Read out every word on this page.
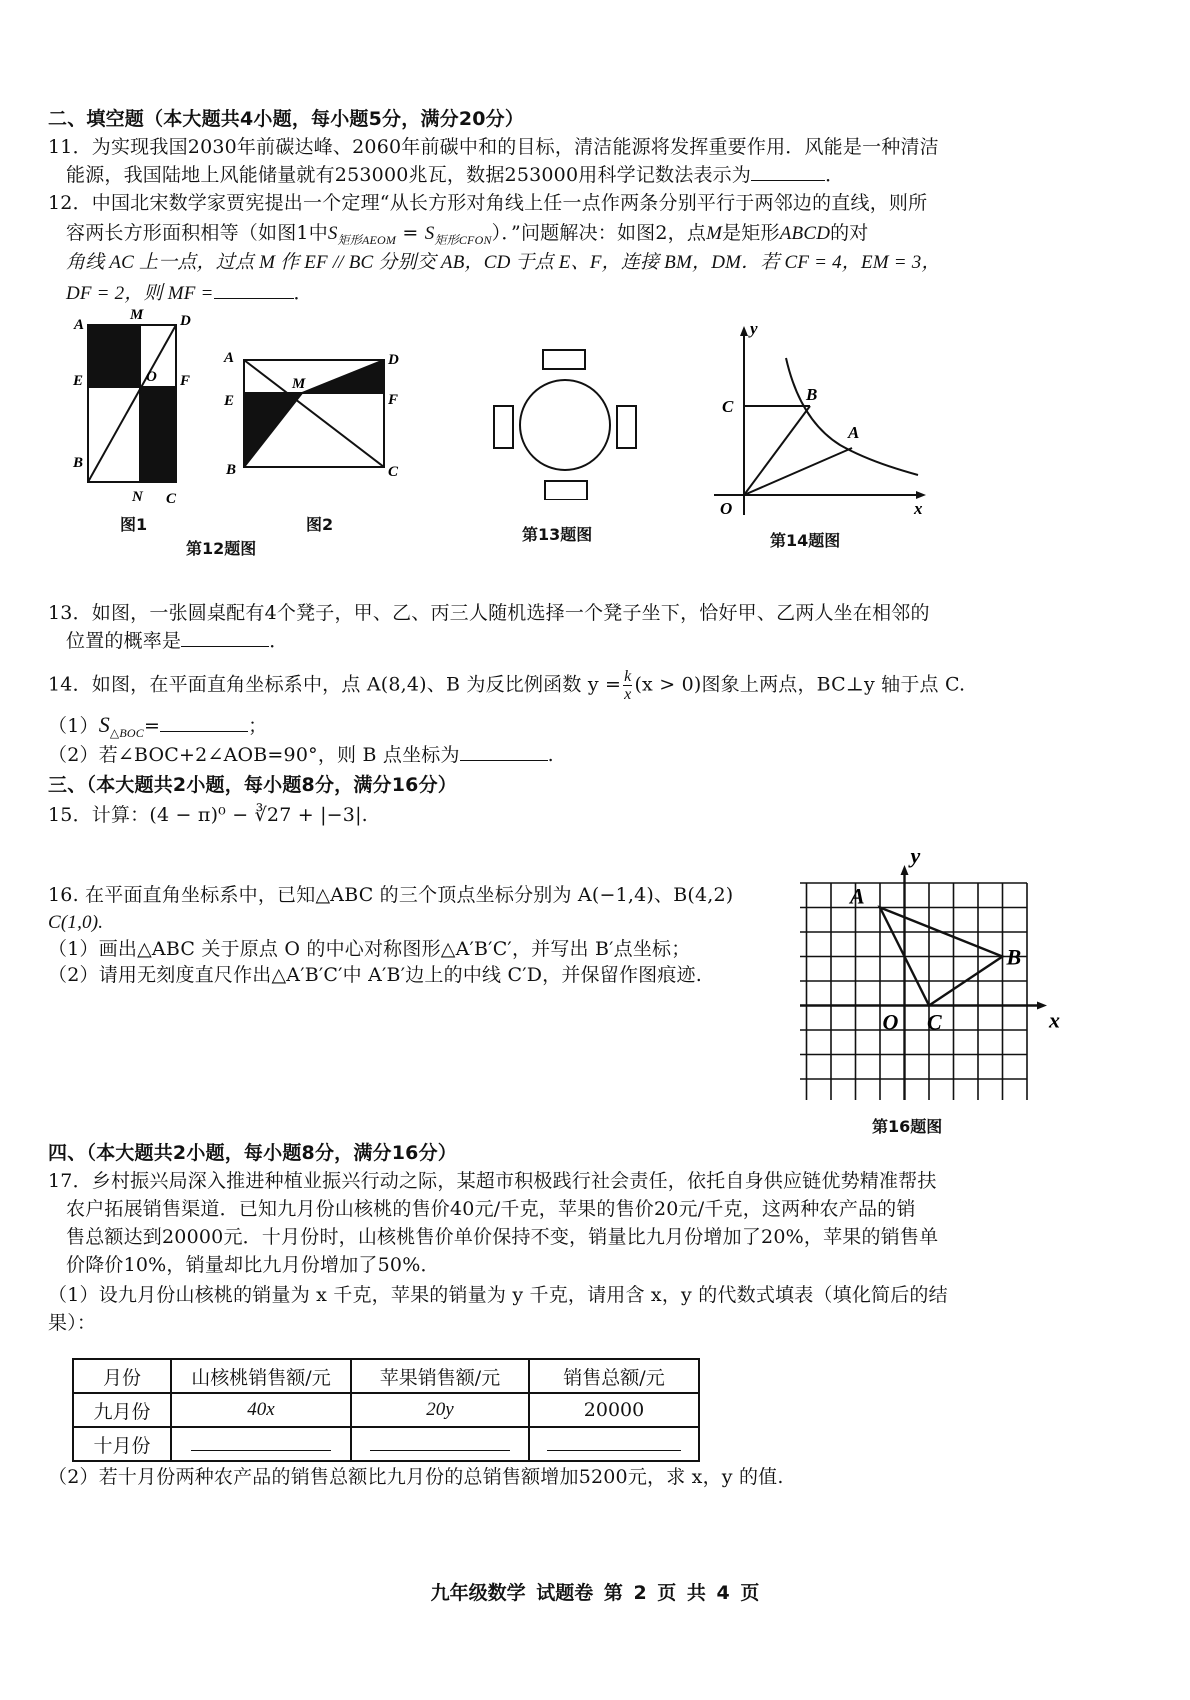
二、填空题（本大题共4小题，每小题5分，满分20分）
11．为实现我国2030年前碳达峰、2060年前碳中和的目标，清洁能源将发挥重要作用．风能是一种清洁
能源，我国陆地上风能储量就有253000兆瓦，数据253000用科学记数法表示为	．
12．中国北宋数学家贾宪提出一个定理“从长方形对角线上任一点作两条分别平行于两邻边的直线，则所
容两长方形面积相等（如图1中$S_{矩形AEOM} = S_{矩形CFON}$）．”问题解决：如图2，点M是矩形ABCD的对
角线 AC 上一点，过点 M 作 EF // BC 分别交 AB，CD 于点 E、F，连接 BM，DM．若 CF = 4，EM = 3，
DF = 2，则 MF =	．
A
M D
E	O F
B
N C
图1
A	D
E
M
F
B	C
图2
第12题图
第13题图
y
C
B
A
O	x
第14题图
13．如图，一张圆桌配有4个凳子，甲、乙、丙三人随机选择一个凳子坐下，恰好甲、乙两人坐在相邻的
位置的概率是	．
14．如图，在平面直角坐标系中，点 A(8,4)、B 为反比例函数 $y = \frac{k}{x} (x > 0)$图象上两点，BC⊥y 轴于点 C.
$(1)S_{\triangle BOC}=$	；
（2）若∠BOC+2∠AOB=90°，则 B 点坐标为	.
三、（本大题共2小题，每小题8分，满分16分）
15．计算：(4 − π)⁰ − ∛27 + |−3|.
16. 在平面直角坐标系中，已知△ABC 的三个顶点坐标分别为 A(−1,4)、B(4,2)
C(1,0).
（1）画出△ABC 关于原点 O 的中心对称图形△A′B′C′，并写出 B′点坐标；
（2）请用无刻度直尺作出△A′B′C′中 A′B′边上的中线 C′D，并保留作图痕迹.
y
A
B
O C	x
第16题图
四、（本大题共2小题，每小题8分，满分16分）
17．乡村振兴局深入推进种植业振兴行动之际，某超市积极践行社会责任，依托自身供应链优势精准帮扶
农户拓展销售渠道．已知九月份山核桃的售价40元/千克，苹果的售价20元/千克，这两种农产品的销
售总额达到20000元．十月份时，山核桃售价单价保持不变，销量比九月份增加了20%，苹果的销售单
价降价10%，销量却比九月份增加了50%．
（1）设九月份山核桃的销量为 x 千克，苹果的销量为 y 千克，请用含 x，y 的代数式填表（填化简后的结
果）：
月份	山核桃销售额/元	苹果销售额/元	销售总额/元
九月份	40x	20y	20000
十月份			
（2）若十月份两种农产品的销售总额比九月份的总销售额增加5200元，求 x，y 的值.
九年级数学 试题卷 第 2 页 共 4 页
